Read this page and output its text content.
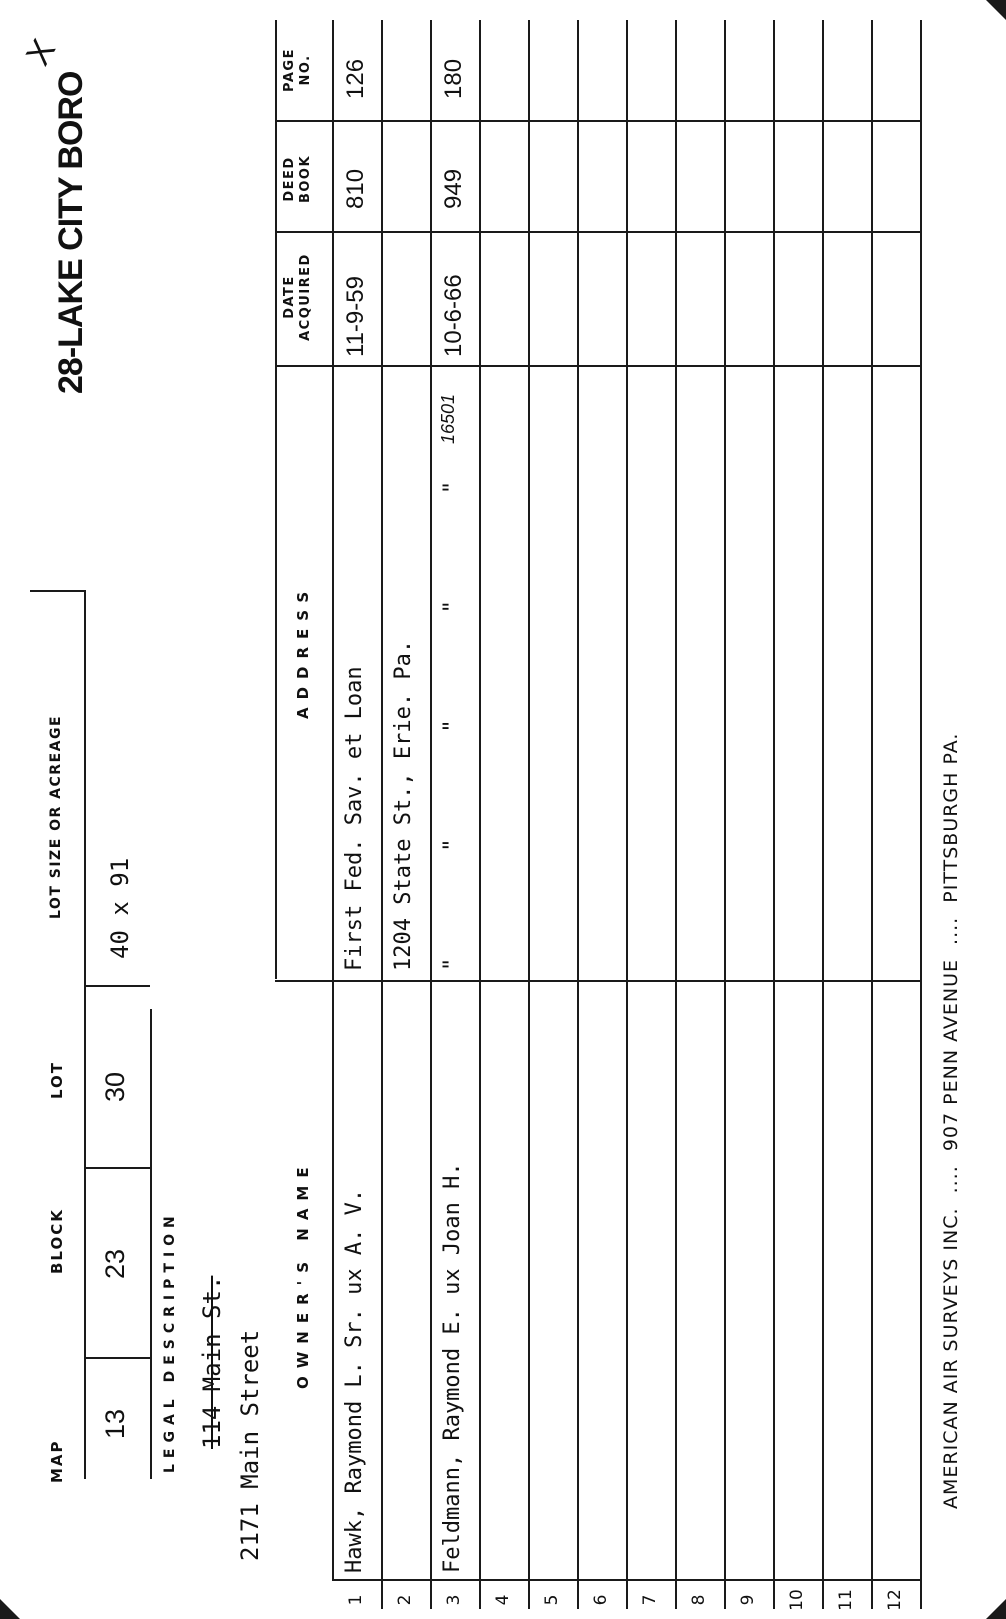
MAP
BLOCK
LOT
LOT SIZE OR ACREAGE
13
23
30
40 x 91
28-LAKE CITY BORO
X
LEGAL DESCRIPTION 114 Main St. 2171 Main Street
OWNER'S NAME
ADDRESS
DATE ACQUIRED
DEED BOOK
PAGE NO.
1
Hawk, Raymond L. Sr. ux A. V.
First Fed. Sav. et Loan
11-9-59
810
126
2
1204 State St., Erie. Pa.
3
Feldmann, Raymond E. ux Joan H.
"        "        "        "        "
10-6-66
949
180
16501
4 5 6 7 8 9 10 11 12
AMERICAN AIR SURVEYS INC.  ....  907 PENN AVENUE  ....  PITTSBURGH PA.
